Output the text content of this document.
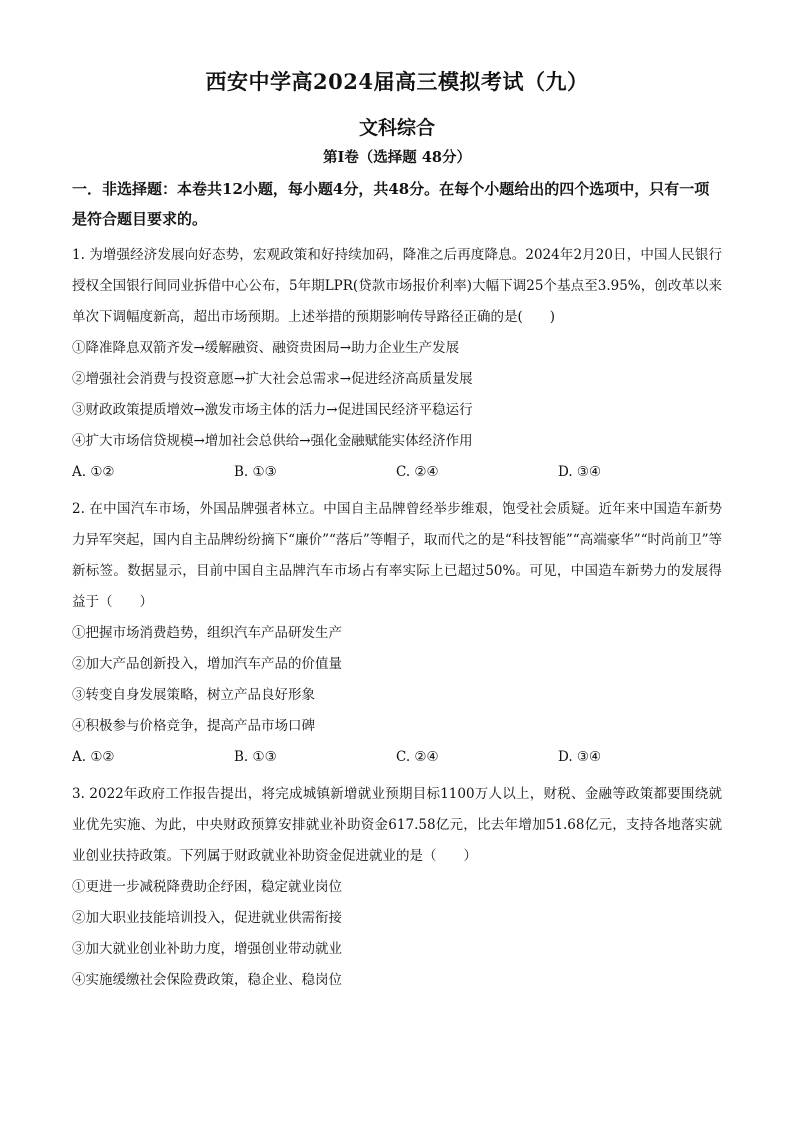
西安中学高2024届高三模拟考试（九）
文科综合
第Ⅰ卷（选择题 48分）
一．非选择题：本卷共12小题，每小题4分，共48分。在每个小题给出的四个选项中，只有一项是符合题目要求的。
1. 为增强经济发展向好态势，宏观政策和好持续加码，降准之后再度降息。2024年2月20日，中国人民银行授权全国银行间同业拆借中心公布，5年期LPR(贷款市场报价利率)大幅下调25个基点至3.95%，创改革以来单次下调幅度新高，超出市场预期。上述举措的预期影响传导路径正确的是(　　)
①降准降息双箭齐发→缓解融资、融资贵困局→助力企业生产发展
②增强社会消费与投资意愿→扩大社会总需求→促进经济高质量发展
③财政政策提质增效→激发市场主体的活力→促进国民经济平稳运行
④扩大市场信贷规模→增加社会总供给→强化金融赋能实体经济作用
A. ①②	B. ①③	C. ②④	D. ③④
2. 在中国汽车市场，外国品牌强者林立。中国自主品牌曾经举步维艰，饱受社会质疑。近年来中国造车新势力异军突起，国内自主品牌纷纷摘下“廉价”“落后”等帽子，取而代之的是“科技智能”“高端豪华”“时尚前卫”等新标签。数据显示，目前中国自主品牌汽车市场占有率实际上已超过50%。可见，中国造车新势力的发展得益于（　　）
①把握市场消费趋势，组织汽车产品研发生产
②加大产品创新投入，增加汽车产品的价值量
③转变自身发展策略，树立产品良好形象
④积极参与价格竞争，提高产品市场口碑
A. ①②	B. ①③	C. ②④	D. ③④
3. 2022年政府工作报告提出，将完成城镇新增就业预期目标1100万人以上，财税、金融等政策都要围绕就业优先实施、为此，中央财政预算安排就业补助资金617.58亿元，比去年增加51.68亿元，支持各地落实就业创业扶持政策。下列属于财政就业补助资金促进就业的是（　　）
①更进一步减税降费助企纾困，稳定就业岗位
②加大职业技能培训投入，促进就业供需衔接
③加大就业创业补助力度，增强创业带动就业
④实施缓缴社会保险费政策，稳企业、稳岗位
